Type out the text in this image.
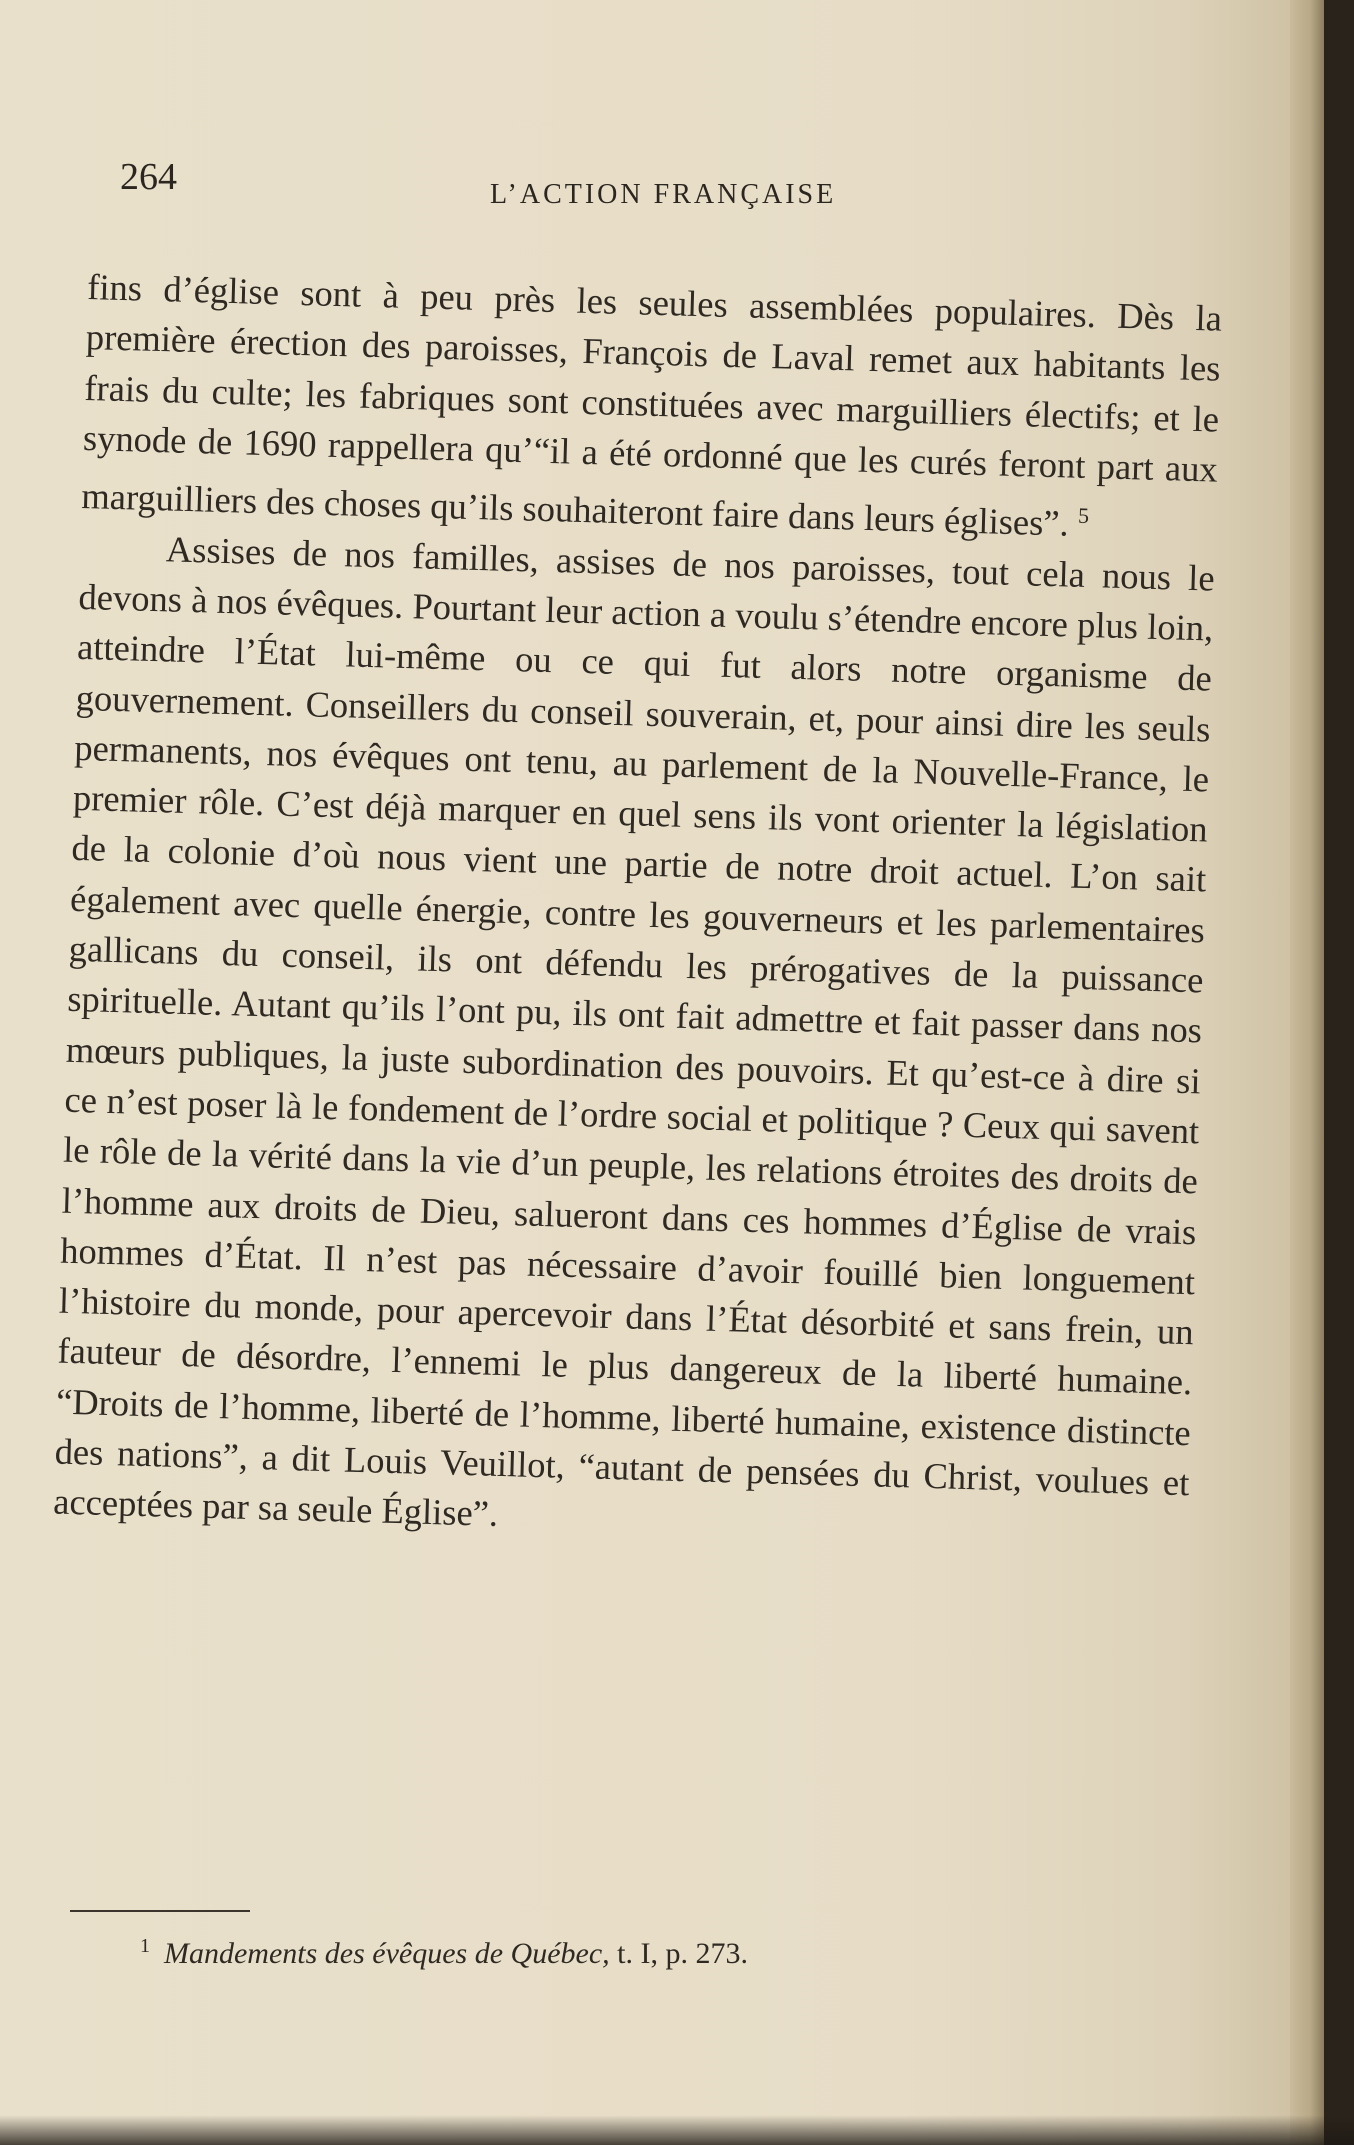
264	L’ACTION FRANÇAISE

fins d’église sont à peu près les seules assemblées populaires. Dès la première érection des paroisses, François de Laval remet aux habitants les frais du culte; les fabriques sont constituées avec marguilliers électifs; et le synode de 1690 rappellera qu’“il a été ordonné que les curés feront part aux marguilliers des choses qu’ils souhaiteront faire dans leurs églises”. $^5$

Assises de nos familles, assises de nos paroisses, tout cela nous le devons à nos évêques. Pourtant leur action a voulu s’étendre encore plus loin, atteindre l’État lui-même ou ce qui fut alors notre organisme de gouvernement. Conseillers du conseil souverain, et, pour ainsi dire les seuls permanents, nos évêques ont tenu, au parlement de la Nouvelle-France, le premier rôle. C’est déjà marquer en quel sens ils vont orienter la législation de la colonie d’où nous vient une partie de notre droit actuel. L’on sait également avec quelle énergie, contre les gouverneurs et les parlementaires gallicans du conseil, ils ont défendu les prérogatives de la puissance spirituelle. Autant qu’ils l’ont pu, ils ont fait admettre et fait passer dans nos mœurs publiques, la juste subordination des pouvoirs. Et qu’est-ce à dire si ce n’est poser là le fondement de l’ordre social et politique ? Ceux qui savent le rôle de la vérité dans la vie d’un peuple, les relations étroites des droits de l’homme aux droits de Dieu, salueront dans ces hommes d’Église de vrais hommes d’État. Il n’est pas nécessaire d’avoir fouillé bien longuement l’histoire du monde, pour apercevoir dans l’État désorbité et sans frein, un fauteur de désordre, l’ennemi le plus dangereux de la liberté humaine. “Droits de l’homme, liberté de l’homme, liberté humaine, existence distincte des nations”, a dit Louis Veuillot, “autant de pensées du Christ, voulues et acceptées par sa seule Église”.

$^1$ Mandements des évêques de Québec, t. I, p. 273.
